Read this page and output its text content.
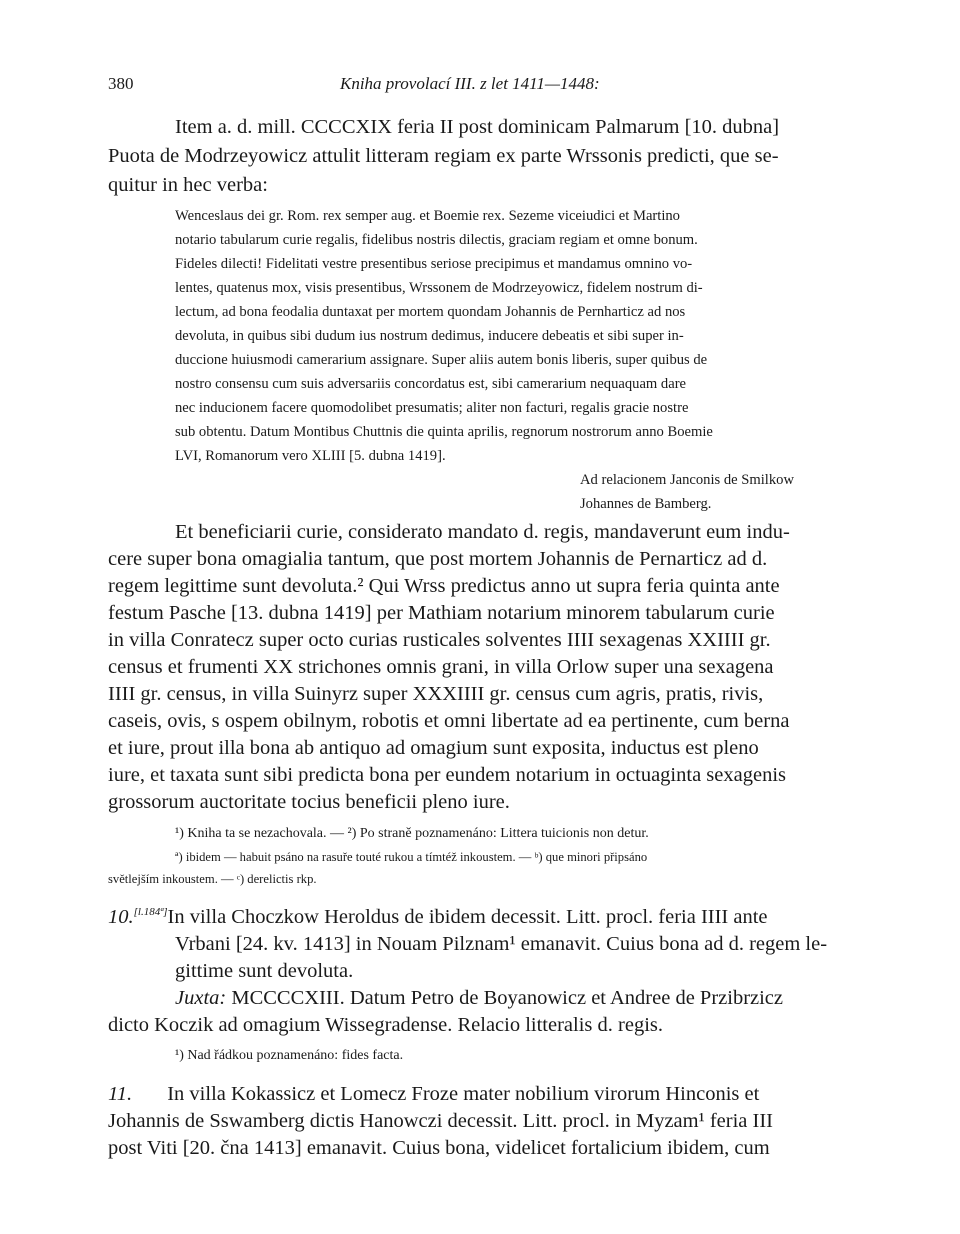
380	Kniha provolací III. z let 1411—1448:
Item a. d. mill. CCCCXIX feria II post dominicam Palmarum [10. dubna]
Puota de Modrzeyowicz attulit litteram regiam ex parte Wrssonis predicti, que se-
quitur in hec verba:
Wenceslaus dei gr. Rom. rex semper aug. et Boemie rex. Sezeme viceiudici et Martino
notario tabularum curie regalis, fidelibus nostris dilectis, graciam regiam et omne bonum.
Fideles dilecti! Fidelitati vestre presentibus seriose precipimus et mandamus omnino vo-
lentes, quatenus mox, visis presentibus, Wrssonem de Modrzeyowicz, fidelem nostrum di-
lectum, ad bona feodalia duntaxat per mortem quondam Johannis de Pernharticz ad nos
devoluta, in quibus sibi dudum ius nostrum dedimus, inducere debeatis et sibi super in-
duccione huiusmodi camerarium assignare. Super aliis autem bonis liberis, super quibus de
nostro consensu cum suis adversariis concordatus est, sibi camerarium nequaquam dare
nec inducionem facere quomodolibet presumatis; aliter non facturi, regalis gracie nostre
sub obtentu. Datum Montibus Chuttnis die quinta aprilis, regnorum nostrorum anno Boemie
LVI, Romanorum vero XLIII [5. dubna 1419].
Ad relacionem Janconis de Smilkow
Johannes de Bamberg.
Et beneficiarii curie, considerato mandato d. regis, mandaverunt eum indu-
cere super bona omagialia tantum, que post mortem Johannis de Pernarticz ad d.
regem legittime sunt devoluta.² Qui Wrss predictus anno ut supra feria quinta ante
festum Pasche [13. dubna 1419] per Mathiam notarium minorem tabularum curie
in villa Conratecz super octo curias rusticales solventes IIII sexagenas XXIIII gr.
census et frumenti XX strichones omnis grani, in villa Orlow super una sexagena
IIII gr. census, in villa Suinyrz super XXXIIII gr. census cum agris, pratis, rivis,
caseis, ovis, s ospem obilnym, robotis et omni libertate ad ea pertinente, cum berna
et iure, prout illa bona ab antiquo ad omagium sunt exposita, inductus est pleno
iure, et taxata sunt sibi predicta bona per eundem notarium in octuaginta sexagenis
grossorum auctoritate tocius beneficii pleno iure.
¹) Kniha ta se nezachovala. — ²) Po straně poznamenáno: Littera tuicionis non detur.
ª) ibidem — habuit psáno na rasuře touté rukou a tímtéž inkoustem. — ᵇ) que minori připsáno
světlejším inkoustem. — ᶜ) derelictis rkp.
10.[l.184ª]In villa Choczkow Heroldus de ibidem decessit. Litt. procl. feria IIII ante
Vrbani [24. kv. 1413] in Nouam Pilznam¹ emanavit. Cuius bona ad d. regem le-
gittime sunt devoluta.
Juxta: MCCCCXIII. Datum Petro de Boyanowicz et Andree de Przibrzicz
dicto Koczik ad omagium Wissegradense. Relacio litteralis d. regis.
¹) Nad řádkou poznamenáno: fides facta.
11. In villa Kokassicz et Lomecz Froze mater nobilium virorum Hinconis et
Johannis de Sswamberg dictis Hanowczi decessit. Litt. procl. in Myzam¹ feria III
post Viti [20. čna 1413] emanavit. Cuius bona, videlicet fortalicium ibidem, cum
